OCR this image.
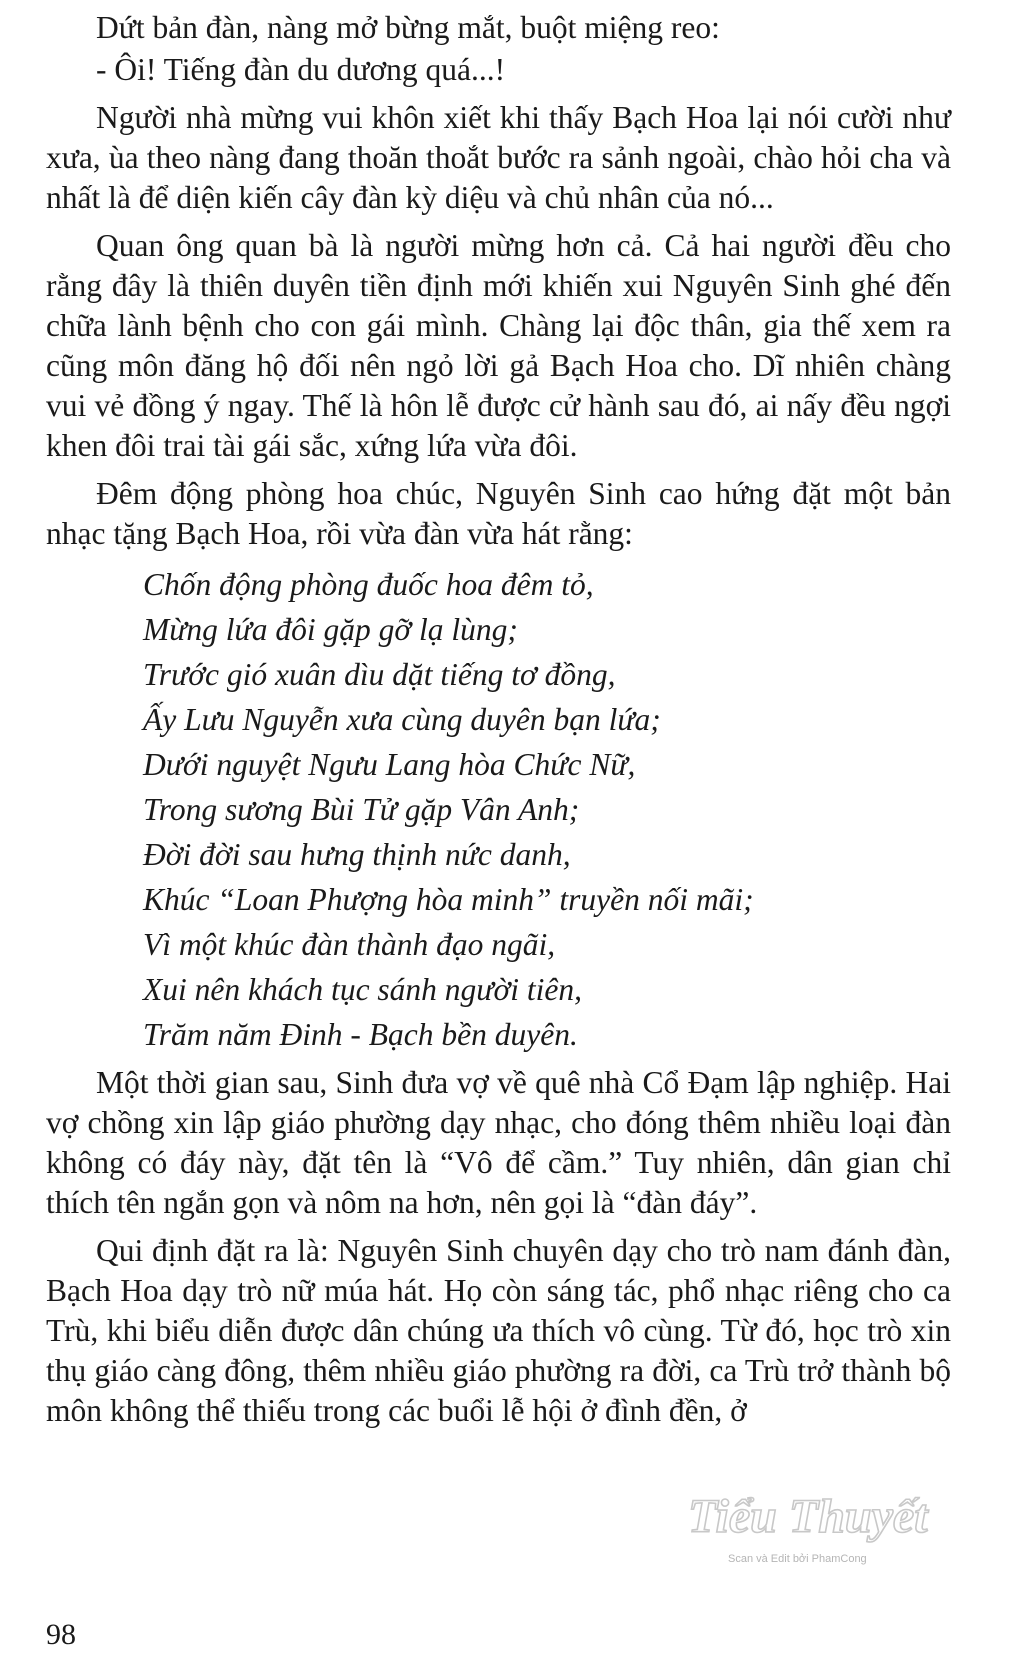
Dứt bản đàn, nàng mở bừng mắt, buột miệng reo:

- Ôi! Tiếng đàn du dương quá...!

Người nhà mừng vui khôn xiết khi thấy Bạch Hoa lại nói cười như xưa, ùa theo nàng đang thoăn thoắt bước ra sảnh ngoài, chào hỏi cha và nhất là để diện kiến cây đàn kỳ diệu và chủ nhân của nó...

Quan ông quan bà là người mừng hơn cả. Cả hai người đều cho rằng đây là thiên duyên tiền định mới khiến xui Nguyên Sinh ghé đến chữa lành bệnh cho con gái mình. Chàng lại độc thân, gia thế xem ra cũng môn đăng hộ đối nên ngỏ lời gả Bạch Hoa cho. Dĩ nhiên chàng vui vẻ đồng ý ngay. Thế là hôn lễ được cử hành sau đó, ai nấy đều ngợi khen đôi trai tài gái sắc, xứng lứa vừa đôi.

Đêm động phòng hoa chúc, Nguyên Sinh cao hứng đặt một bản nhạc tặng Bạch Hoa, rồi vừa đàn vừa hát rằng:

Chốn động phòng đuốc hoa đêm tỏ,
Mừng lứa đôi gặp gỡ lạ lùng;
Trước gió xuân dìu dặt tiếng tơ đồng,
Ấy Lưu Nguyễn xưa cùng duyên bạn lứa;
Dưới nguyệt Ngưu Lang hòa Chức Nữ,
Trong sương Bùi Tử gặp Vân Anh;
Đời đời sau hưng thịnh nức danh,
Khúc “Loan Phượng hòa minh” truyền nối mãi;
Vì một khúc đàn thành đạo ngãi,
Xui nên khách tục sánh người tiên,
Trăm năm Đinh - Bạch bền duyên.

Một thời gian sau, Sinh đưa vợ về quê nhà Cổ Đạm lập nghiệp. Hai vợ chồng xin lập giáo phường dạy nhạc, cho đóng thêm nhiều loại đàn không có đáy này, đặt tên là “Vô để cầm.” Tuy nhiên, dân gian chỉ thích tên ngắn gọn và nôm na hơn, nên gọi là “đàn đáy”.

Qui định đặt ra là: Nguyên Sinh chuyên dạy cho trò nam đánh đàn, Bạch Hoa dạy trò nữ múa hát. Họ còn sáng tác, phổ nhạc riêng cho ca Trù, khi biểu diễn được dân chúng ưa thích vô cùng. Từ đó, học trò xin thụ giáo càng đông, thêm nhiều giáo phường ra đời, ca Trù trở thành bộ môn không thể thiếu trong các buổi lễ hội ở đình đền, ở

Tiểu Thuyết
Scan và Edit bởi PhamCong
98
